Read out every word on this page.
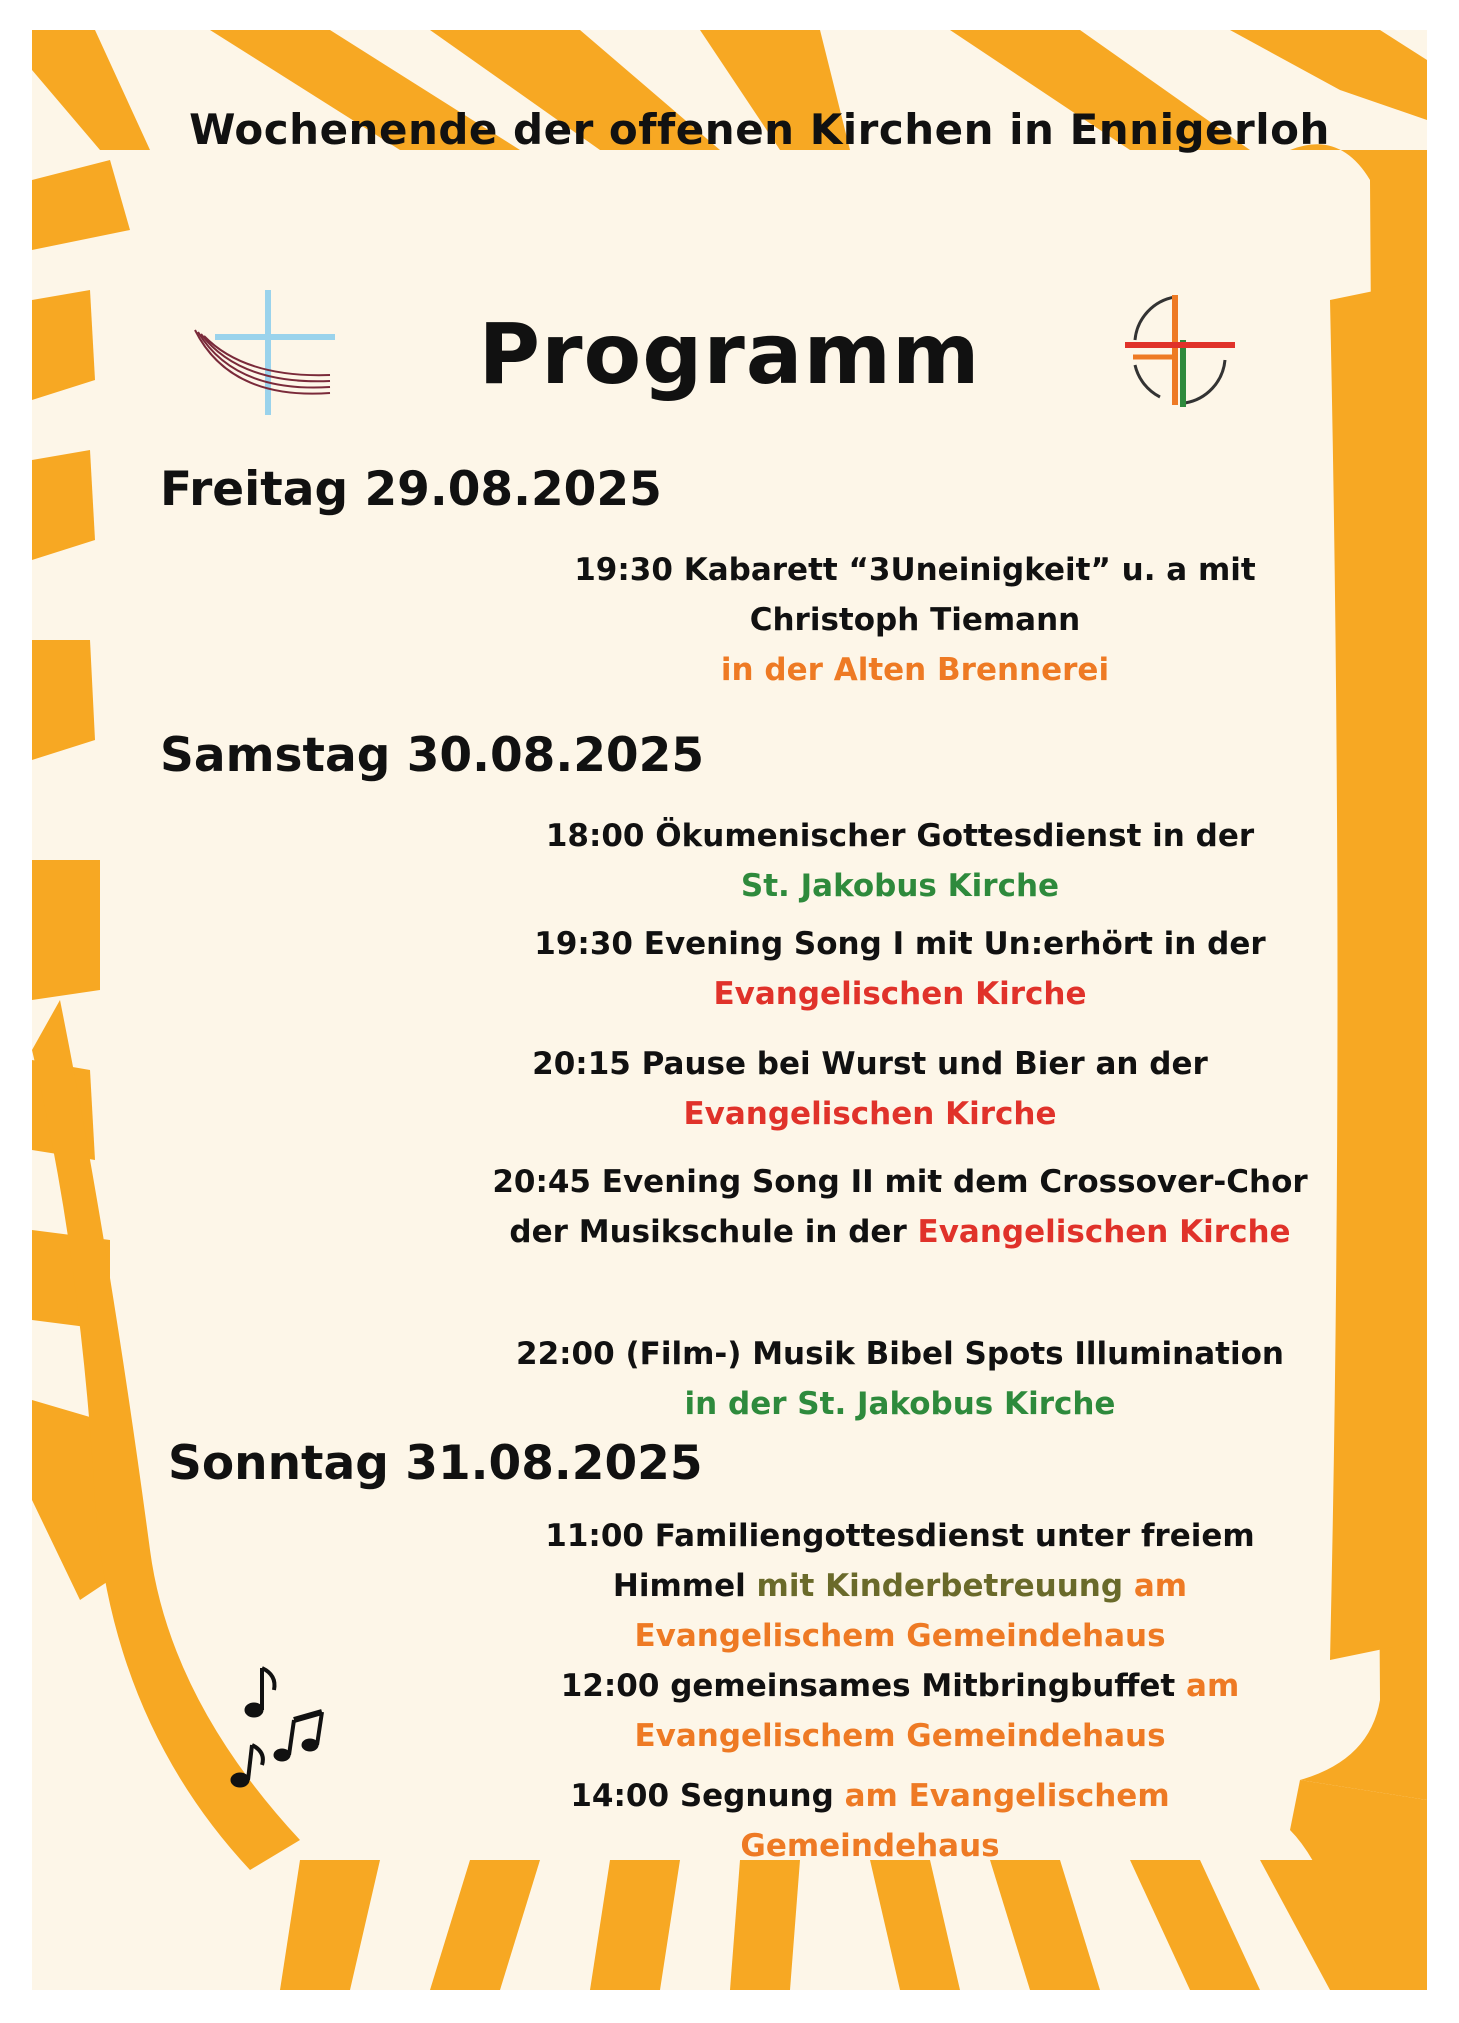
Wochenende der offenen Kirchen in Ennigerloh
Programm
Freitag 29.08.2025
19:30 Kabarett “3Uneinigkeit” u. a mit
Christoph Tiemann
in der Alten Brennerei
Samstag 30.08.2025
18:00 Ökumenischer Gottesdienst in der
St. Jakobus Kirche
19:30 Evening Song I mit Un:erhört in der
Evangelischen Kirche
20:15 Pause bei Wurst und Bier an der
Evangelischen Kirche
20:45 Evening Song II mit dem Crossover-Chor
der Musikschule in der Evangelischen Kirche
22:00 (Film-) Musik Bibel Spots Illumination
in der St. Jakobus Kirche
Sonntag 31.08.2025
11:00 Familiengottesdienst unter freiem
Himmel mit Kinderbetreuung am
Evangelischem Gemeindehaus
12:00 gemeinsames Mitbringbuffet am
Evangelischem Gemeindehaus
14:00 Segnung am Evangelischem
Gemeindehaus
